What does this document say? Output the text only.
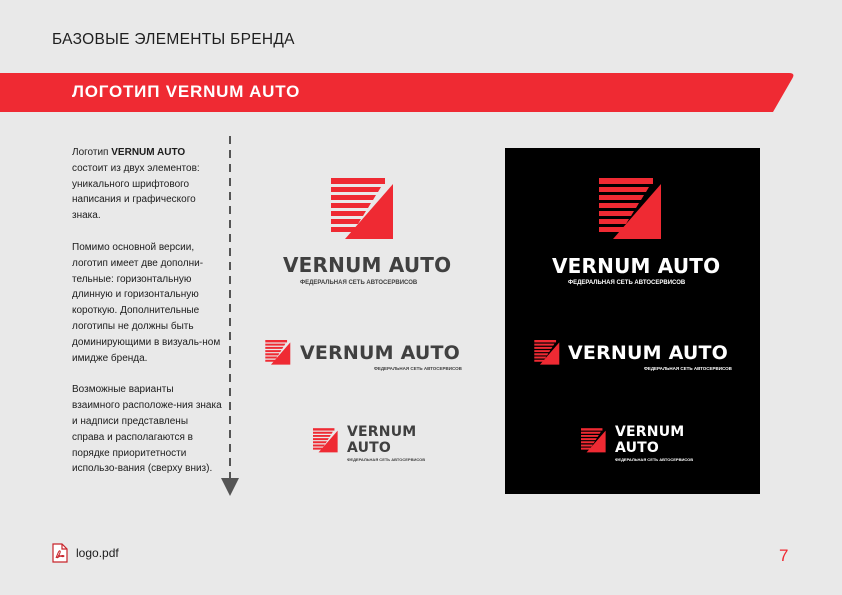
БАЗОВЫЕ ЭЛЕМЕНТЫ БРЕНДА
ЛОГОТИП VERNUM AUTO

Логотип VERNUM AUTO состоит из двух элементов: уникального шрифтового написания и графического знака.

Помимо основной версии, логотип имеет две дополни-тельные: горизонтальную длинную и горизонтальную короткую. Дополнительные логотипы не должны быть доминирующими в визуаль-ном имидже бренда.

Возможные варианты взаимного расположе-ния знака и надписи представлены справа и располагаются в порядке приоритетности использо-вания (сверху вниз).

VERNUM AUTO
ФЕДЕРАЛЬНАЯ СЕТЬ АВТОСЕРВИСОВ
VERNUM AUTO
ФЕДЕРАЛЬНАЯ СЕТЬ АВТОСЕРВИСОВ
VERNUM
AUTO
ФЕДЕРАЛЬНАЯ СЕТЬ АВТОСЕРВИСОВ
VERNUM AUTO
ФЕДЕРАЛЬНАЯ СЕТЬ АВТОСЕРВИСОВ
VERNUM AUTO
ФЕДЕРАЛЬНАЯ СЕТЬ АВТОСЕРВИСОВ
VERNUM
AUTO
ФЕДЕРАЛЬНАЯ СЕТЬ АВТОСЕРВИСОВ
logo.pdf	7
